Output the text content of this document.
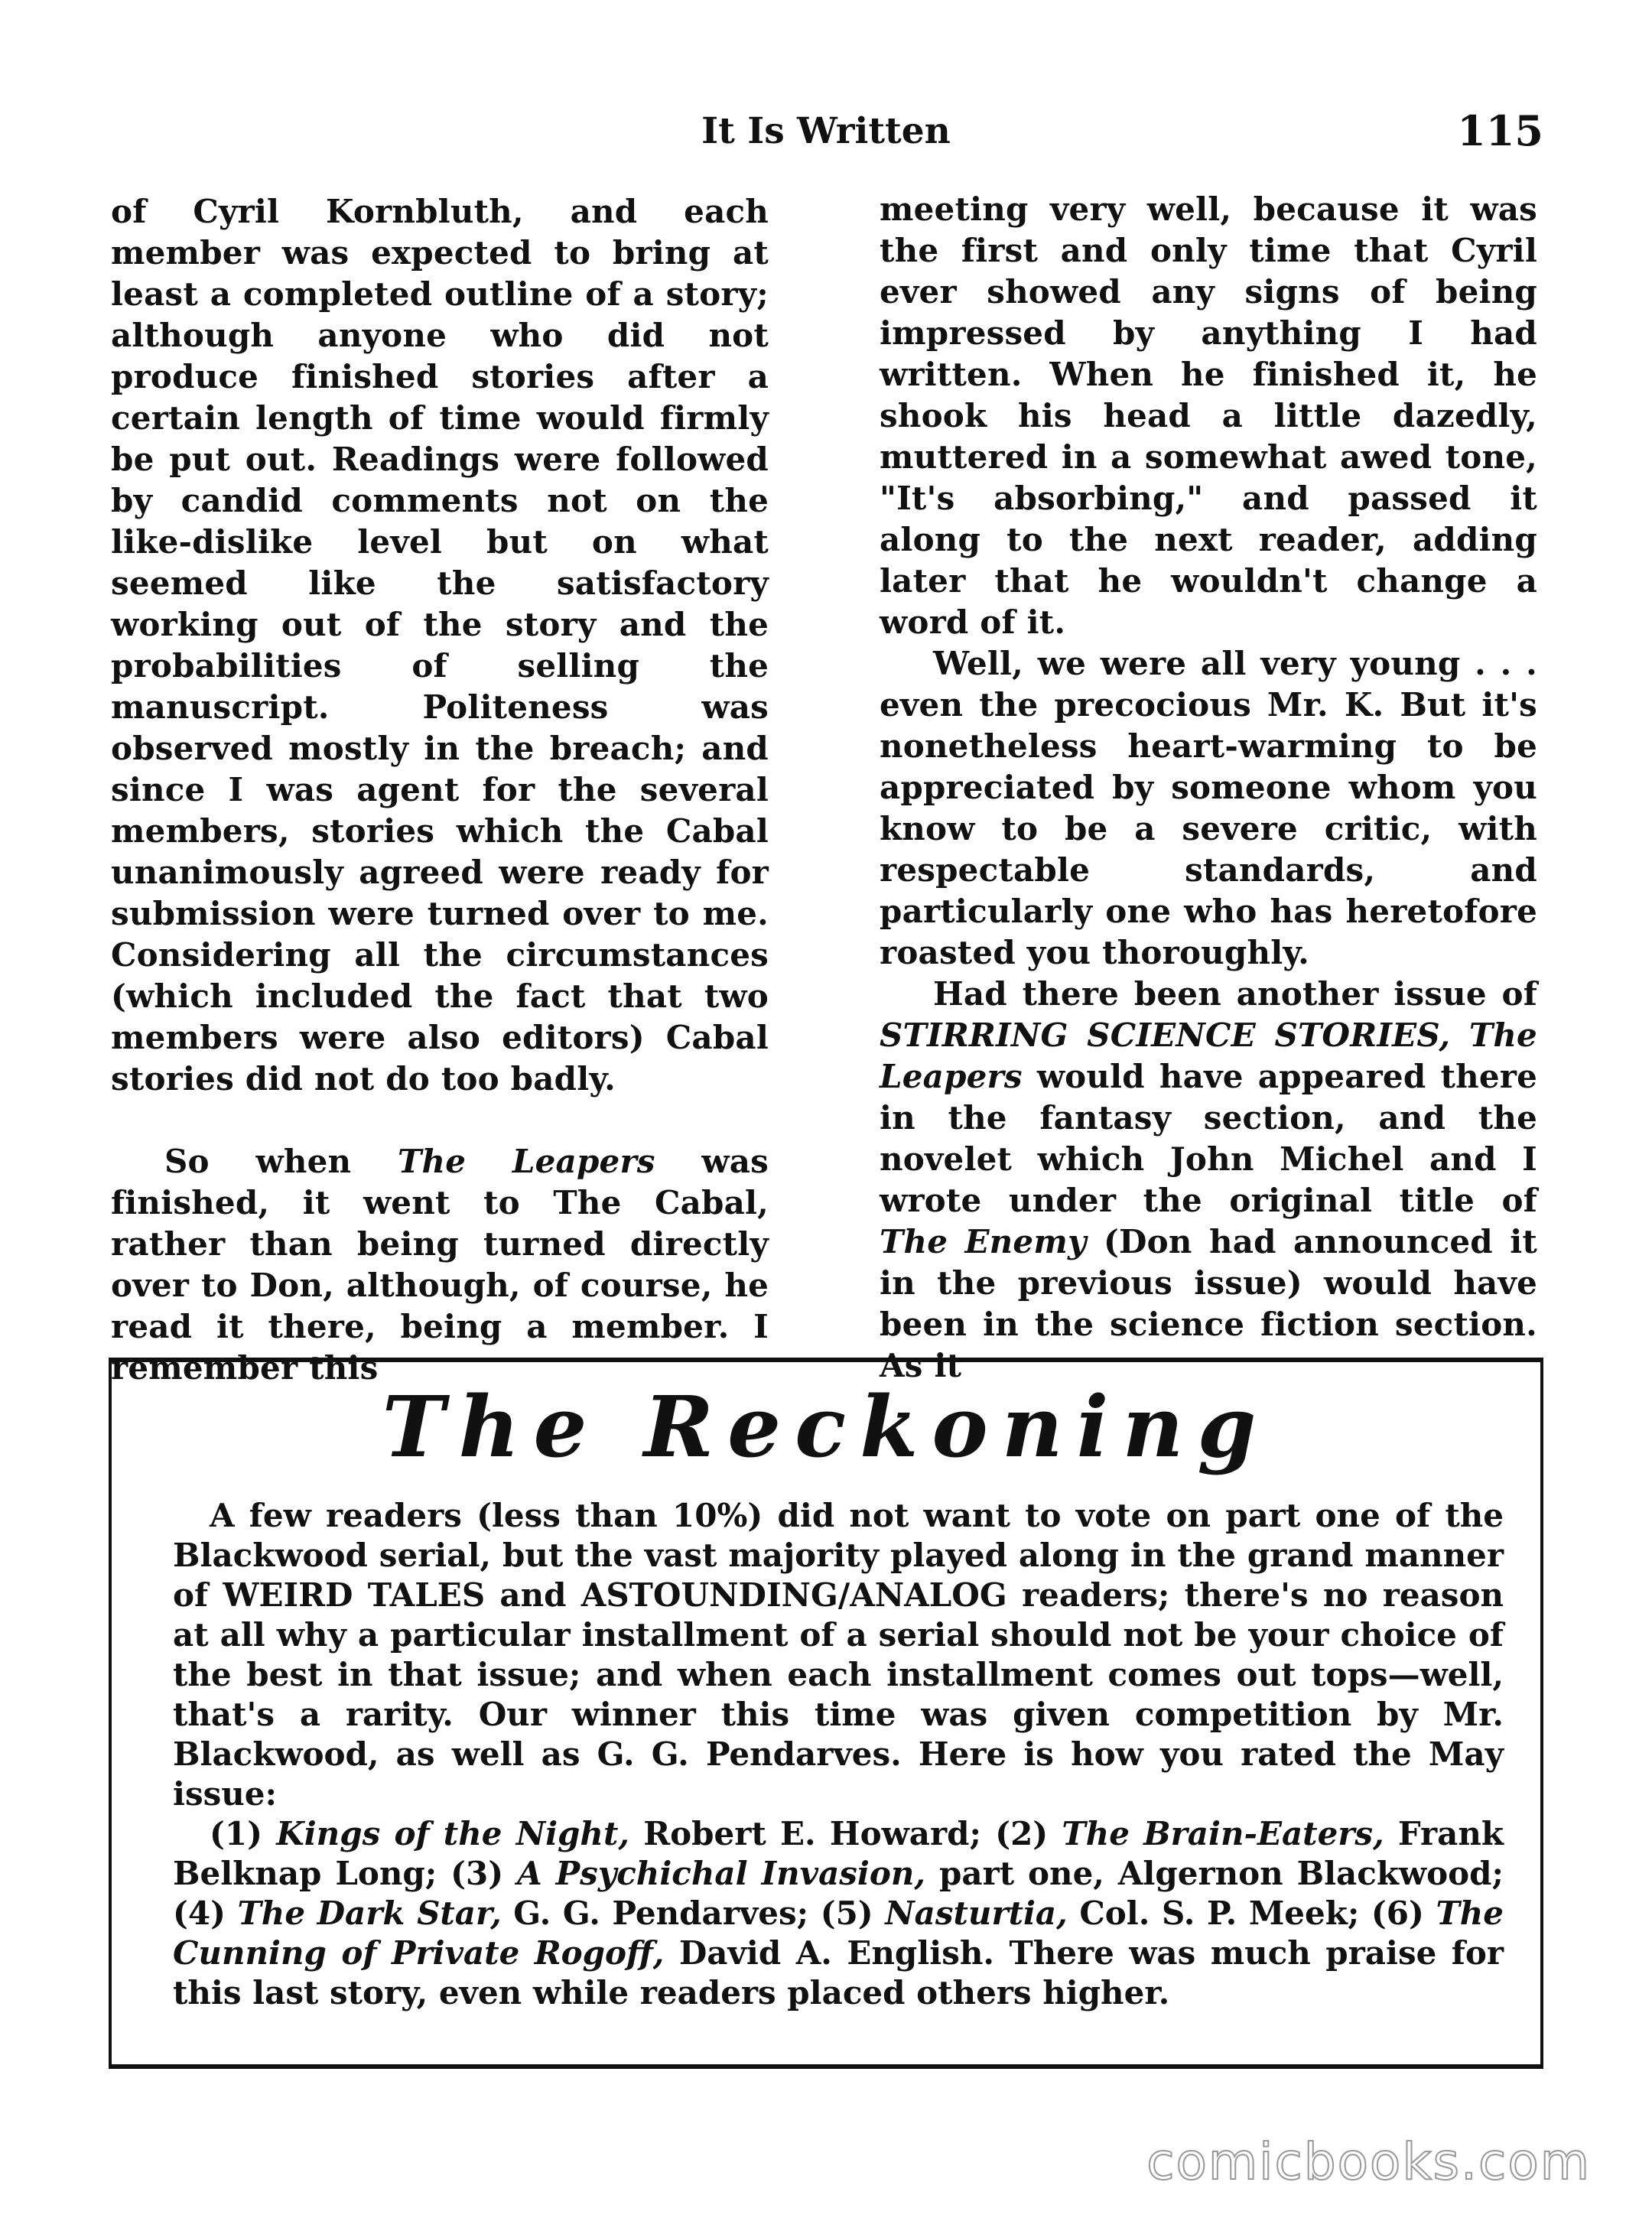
It Is Written	115

of Cyril Kornbluth, and each member was expected to bring at least a completed outline of a story; although anyone who did not produce finished stories after a certain length of time would firmly be put out. Readings were followed by candid comments not on the like-dislike level but on what seemed like the satisfactory working out of the story and the probabilities of selling the manuscript. Politeness was observed mostly in the breach; and since I was agent for the several members, stories which the Cabal unanimously agreed were ready for submission were turned over to me. Considering all the circumstances (which included the fact that two members were also editors) Cabal stories did not do too badly.

So when The Leapers was finished, it went to The Cabal, rather than being turned directly over to Don, although, of course, he read it there, being a member. I remember this

meeting very well, because it was the first and only time that Cyril ever showed any signs of being impressed by anything I had written. When he finished it, he shook his head a little dazedly, muttered in a somewhat awed tone, "It's absorbing," and passed it along to the next reader, adding later that he wouldn't change a word of it.

Well, we were all very young . . . even the precocious Mr. K. But it's nonetheless heart-warming to be appreciated by someone whom you know to be a severe critic, with respectable standards, and particularly one who has heretofore roasted you thoroughly.

Had there been another issue of STIRRING SCIENCE STORIES, The Leapers would have appeared there in the fantasy section, and the novelet which John Michel and I wrote under the original title of The Enemy (Don had announced it in the previous issue) would have been in the science fiction section. As it

The Reckoning

A few readers (less than 10%) did not want to vote on part one of the Blackwood serial, but the vast majority played along in the grand manner of WEIRD TALES and ASTOUNDING/ANALOG readers; there's no reason at all why a particular installment of a serial should not be your choice of the best in that issue; and when each installment comes out tops—well, that's a rarity. Our winner this time was given competition by Mr. Blackwood, as well as G. G. Pendarves. Here is how you rated the May issue:

(1) Kings of the Night, Robert E. Howard; (2) The Brain-Eaters, Frank Belknap Long; (3) A Psychichal Invasion, part one, Algernon Blackwood; (4) The Dark Star, G. G. Pendarves; (5) Nasturtia, Col. S. P. Meek; (6) The Cunning of Private Rogoff, David A. English. There was much praise for this last story, even while readers placed others higher.

comicbooks.com
